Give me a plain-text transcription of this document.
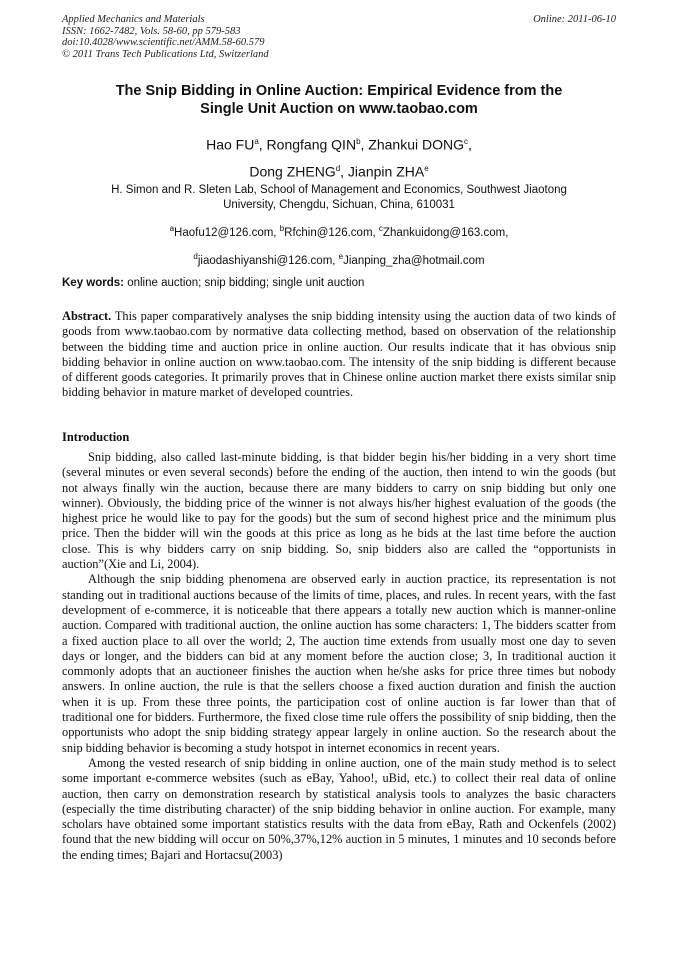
Applied Mechanics and Materials
ISSN: 1662-7482, Vols. 58-60, pp 579-583
doi:10.4028/www.scientific.net/AMM.58-60.579
© 2011 Trans Tech Publications Ltd, Switzerland
Online: 2011-06-10
The Snip Bidding in Online Auction: Empirical Evidence from the
Single Unit Auction on www.taobao.com
Hao $FU^a$, Rongfang QIN$^b$, Zhankui DONG$^c$,
Dong ZHENG$^d$, Jianpin ZHA$^e$
H. Simon and R. Sleten Lab, School of Management and Economics, Southwest Jiaotong
University, Chengdu, Sichuan, China, 610031
$^a$Haofu12@126.com, $^b$Rfchin@126.com, $^c$Zhankuidong@163.com,
$^d$jiaodashiyanshi@126.com, $^e$Jianping_zha@hotmail.com
Key words: online auction; snip bidding; single unit auction
Abstract. This paper comparatively analyses the snip bidding intensity using the auction data of two kinds of goods from www.taobao.com by normative data collecting method, based on observation of the relationship between the bidding time and auction price in online auction. Our results indicate that it has obvious snip bidding behavior in online auction on www.taobao.com. The intensity of the snip bidding is different because of different goods categories. It primarily proves that in Chinese online auction market there exists similar snip bidding behavior in mature market of developed countries.
Introduction

Snip bidding, also called last-minute bidding, is that bidder begin his/her bidding in a very short time (several minutes or even several seconds) before the ending of the auction, then intend to win the goods (but not always finally win the auction, because there are many bidders to carry on snip bidding but only one winner). Obviously, the bidding price of the winner is not always his/her highest evaluation of the goods (the highest price he would like to pay for the goods) but the sum of second highest price and the minimum plus price. Then the bidder will win the goods at this price as long as he bids at the last time before the auction close. This is why bidders carry on snip bidding. So, snip bidders also are called the “opportunists in auction”(Xie and Li, 2004).

Although the snip bidding phenomena are observed early in auction practice, its representation is not standing out in traditional auctions because of the limits of time, places, and rules. In recent years, with the fast development of e-commerce, it is noticeable that there appears a totally new auction which is manner-online auction. Compared with traditional auction, the online auction has some characters: 1, The bidders scatter from a fixed auction place to all over the world; 2, The auction time extends from usually most one day to seven days or longer, and the bidders can bid at any moment before the auction close; 3, In traditional auction it commonly adopts that an auctioneer finishes the auction when he/she asks for price three times but nobody answers. In online auction, the rule is that the sellers choose a fixed auction duration and finish the auction when it is up. From these three points, the participation cost of online auction is far lower than that of traditional one for bidders. Furthermore, the fixed close time rule offers the possibility of snip bidding, then the opportunists who adopt the snip bidding strategy appear largely in online auction. So the research about the snip bidding behavior is becoming a study hotspot in internet economics in recent years.

Among the vested research of snip bidding in online auction, one of the main study method is to select some important e-commerce websites (such as eBay, Yahoo!, uBid, etc.) to collect their real data of online auction, then carry on demonstration research by statistical analysis tools to analyzes the basic characters (especially the time distributing character) of the snip bidding behavior in online auction. For example, many scholars have obtained some important statistics results with the data from eBay, Rath and Ockenfels (2002) found that the new bidding will occur on 50%,37%,12% auction in 5 minutes, 1 minutes and 10 seconds before the ending times; Bajari and Hortacsu(2003)
